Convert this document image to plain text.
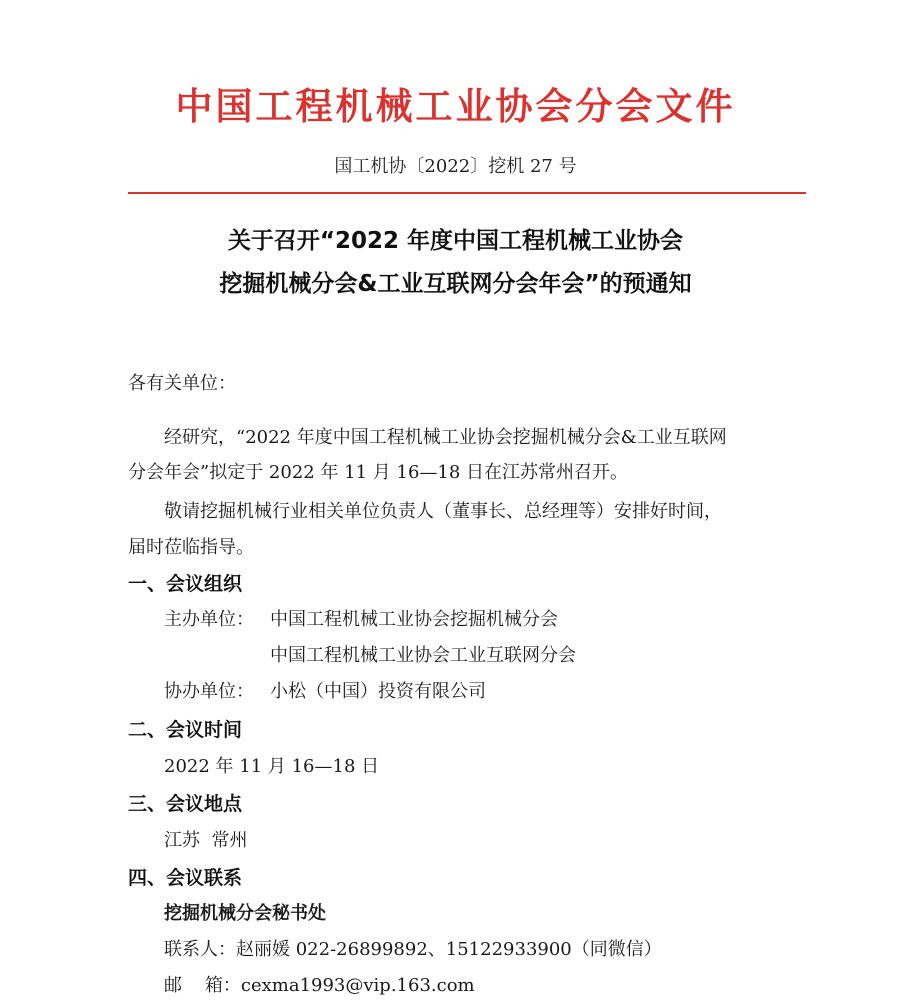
中国工程机械工业协会分会文件
国工机协〔2022〕挖机 27 号
关于召开“2022 年度中国工程机械工业协会
挖掘机械分会&工业互联网分会年会”的预通知
各有关单位：
经研究，“2022 年度中国工程机械工业协会挖掘机械分会&工业互联网
分会年会”拟定于 2022 年 11 月 16—18 日在江苏常州召开。
敬请挖掘机械行业相关单位负责人（董事长、总经理等）安排好时间，
届时莅临指导。
一、会议组织
主办单位： 中国工程机械工业协会挖掘机械分会
中国工程机械工业协会工业互联网分会
协办单位： 小松（中国）投资有限公司
二、会议时间
2022 年 11 月 16—18 日
三、会议地点
江苏  常州
四、会议联系
挖掘机械分会秘书处
联系人：赵丽媛 022-26899892、15122933900（同微信）
邮    箱：cexma1993@vip.163.com
